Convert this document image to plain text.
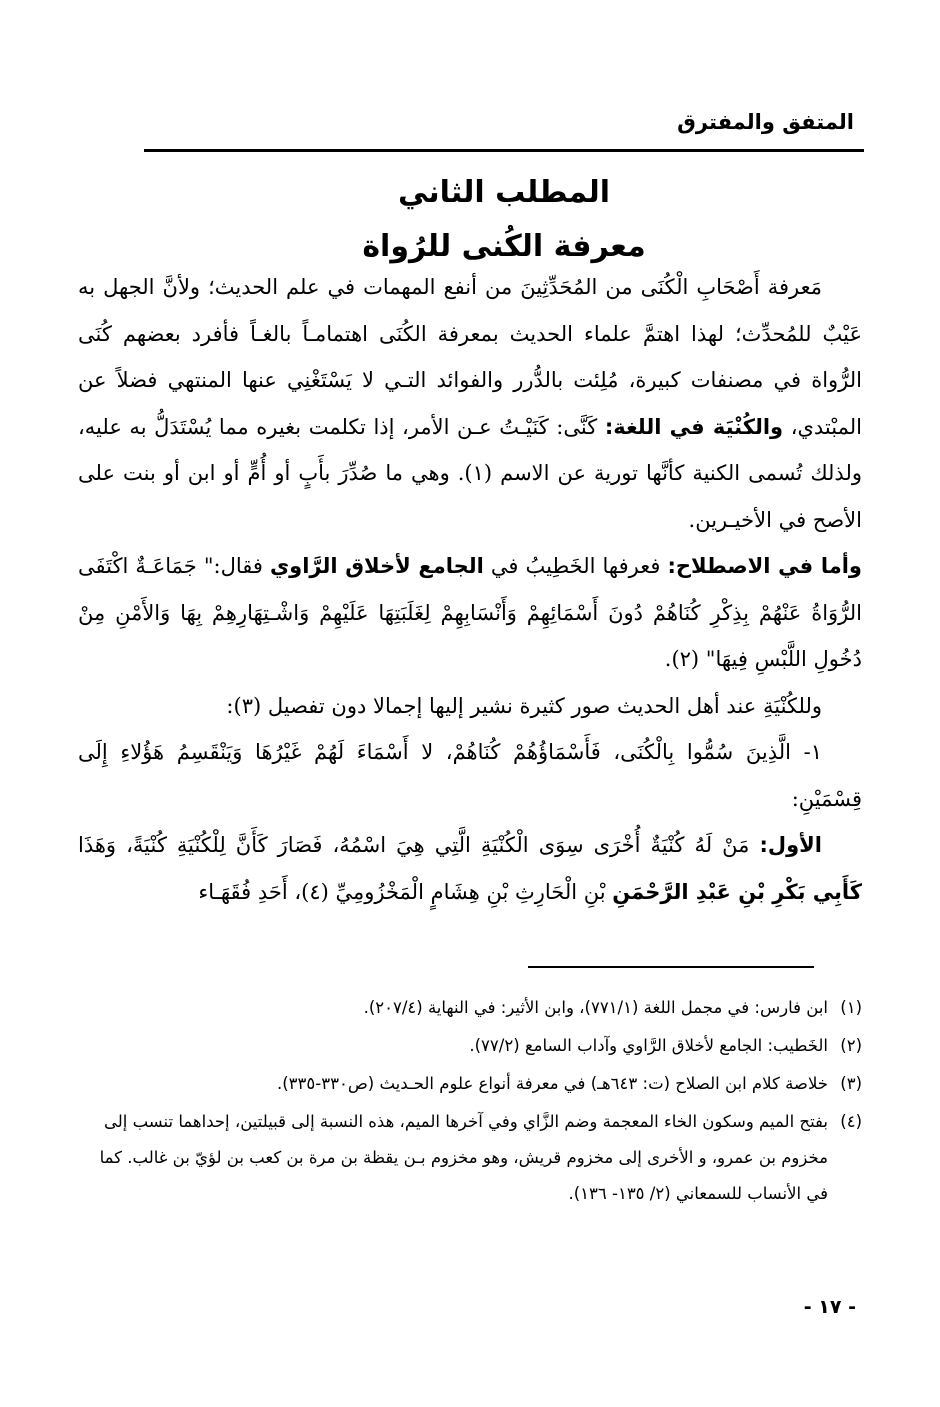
المتفق والمفترق
المطلب الثاني
معرفة الكُنى للرُواة

مَعرفة أَصْحَابِ الْكُنَى من المُحَدِّثِينَ من أنفع المهمات في علم الحديث؛ ولأنَّ الجهل به عَيْبٌ للمُحدِّث؛ لهذا اهتمَّ علماء الحديث بمعرفة الكُنَى اهتمامـاً بالغـاً فأفرد بعضهم كُنَى الرُّواة في مصنفات كبيرة، مُلِئت بالدُّرر والفوائد التـي لا يَسْتَغْنِي عنها المنتهي فضلاً عن المبْتدي، والكُنْيَة في اللغة: كَنَّى: كَنَيْـتُ عـن الأمر، إذا تكلمت بغيره مما يُسْتَدَلُّ به عليه، ولذلك تُسمى الكنية كأنَّها تورية عن الاسم (١). وهي ما صُدِّرَ بأَبٍ أو أُمٍّ أو ابن أو بنت على الأصح في الأخيـرين.

وأما في الاصطلاح: فعرفها الخَطِيبُ في الجامع لأخلاق الرَّاوي فقال:" جَمَاعَـةٌ اكْتَفَى الرُّوَاةُ عَنْهُمْ بِذِكْرِ كُنَاهُمْ دُونَ أَسْمَائِهِمْ وَأَنْسَابِهِمْ لِغَلَبَتِهَا عَلَيْهِمْ وَاشْـتِهَارِهِمْ بِهَا وَالأَمْنِ مِنْ دُخُولِ اللَّبْسِ فِيهَا" (٢).

وللكُنْيَةِ عند أهل الحديث صور كثيرة نشير إليها إجمالا دون تفصيل (٣):

١- الَّذِينَ سُمُّوا بِالْكُنَى، فَأَسْمَاؤُهُمْ كُنَاهُمْ، لا أَسْمَاءَ لَهُمْ غَيْرُهَا وَيَنْقَسِمُ هَؤُلاءِ إِلَى قِسْمَيْنِ:

الأول: مَنْ لَهُ كُنْيَةٌ أُخْرَى سِوَى الْكُنْيَةِ الَّتِي هِيَ اسْمُهُ، فَصَارَ كَأَنَّ لِلْكُنْيَةِ كُنْيَةً، وَهَذَا كَأَبِي بَكْرِ بْنِ عَبْدِ الرَّحْمَنِ بْنِ الْحَارِثِ بْنِ هِشَامٍ الْمَخْزُومِيِّ (٤)، أَحَدِ فُقَهَـاء

(١)
ابن فارس: في مجمل اللغة (٧٧١/١)، وابن الأثير: في النهاية (٢٠٧/٤).
(٢)
الخَطيب: الجامع لأخلاق الرَّاوي وآداب السامع (٧٧/٢).
(٣)
خلاصة كلام ابن الصلاح (ت: ٦٤٣هـ) في معرفة أنواع علوم الحـديث (ص٣٣٠-٣٣٥).
(٤)
بفتح الميم وسكون الخاء المعجمة وضم الزَّاي وفي آخرها الميم، هذه النسبة إلى قبيلتين، إحداهما تنسب إلى مخزوم بن عمرو، و الأخرى إلى مخزوم قريش، وهو مخزوم بـن يقظة بن مرة بن كعب بن لؤيّ بن غالب. كما في الأنساب للسمعاني (٢/ ١٣٥- ١٣٦).
- ١٧ -
